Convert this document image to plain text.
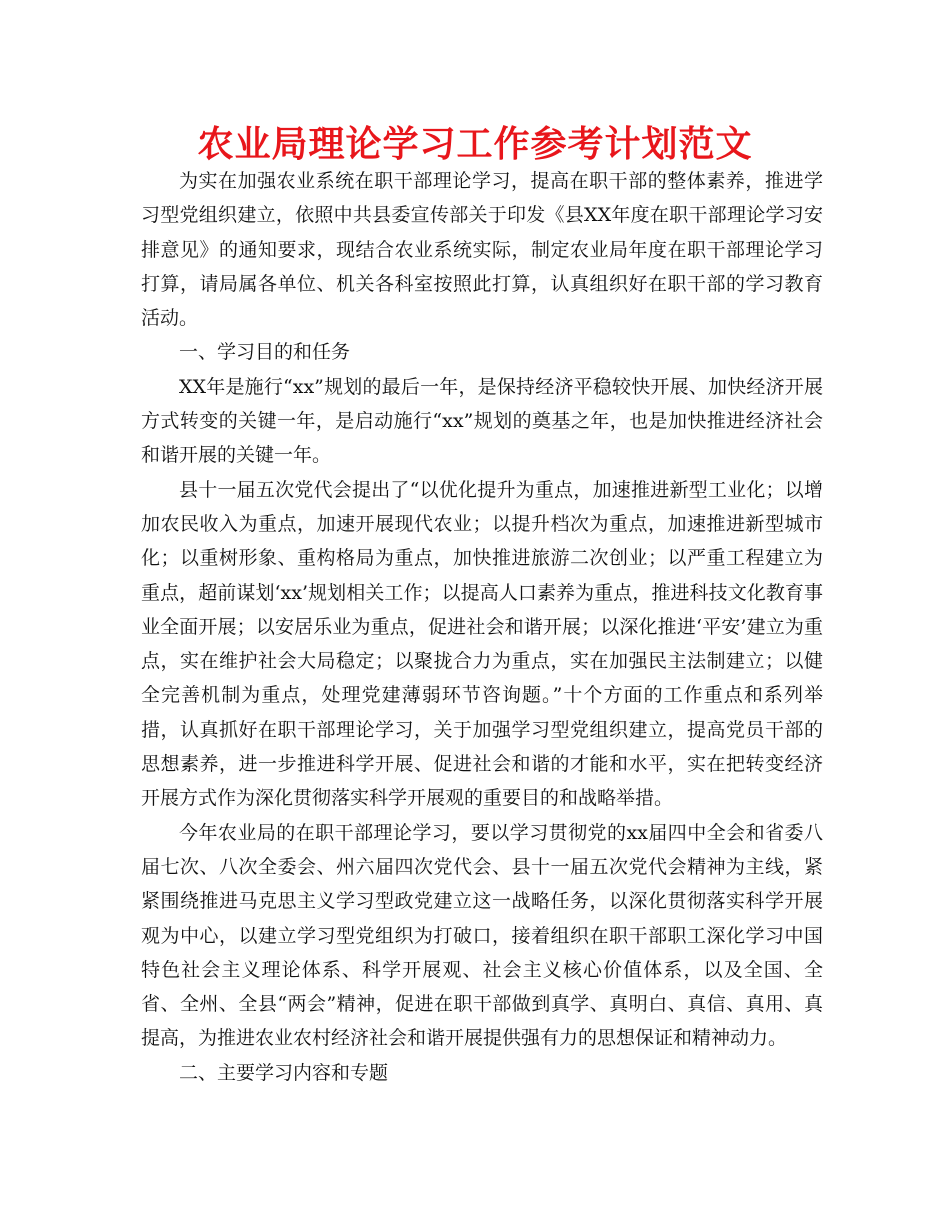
农业局理论学习工作参考计划范文

为实在加强农业系统在职干部理论学习，提高在职干部的整体素养，推进学习型党组织建立，依照中共县委宣传部关于印发《县XX年度在职干部理论学习安排意见》的通知要求，现结合农业系统实际，制定农业局年度在职干部理论学习打算，请局属各单位、机关各科室按照此打算，认真组织好在职干部的学习教育活动。

一、学习目的和任务

XX年是施行“xx”规划的最后一年，是保持经济平稳较快开展、加快经济开展方式转变的关键一年，是启动施行“xx”规划的奠基之年，也是加快推进经济社会和谐开展的关键一年。

县十一届五次党代会提出了“以优化提升为重点，加速推进新型工业化；以增加农民收入为重点，加速开展现代农业；以提升档次为重点，加速推进新型城市化；以重树形象、重构格局为重点，加快推进旅游二次创业；以严重工程建立为重点，超前谋划‘xx’规划相关工作；以提高人口素养为重点，推进科技文化教育事业全面开展；以安居乐业为重点，促进社会和谐开展；以深化推进‘平安’建立为重点，实在维护社会大局稳定；以聚拢合力为重点，实在加强民主法制建立；以健全完善机制为重点，处理党建薄弱环节咨询题。”十个方面的工作重点和系列举措，认真抓好在职干部理论学习，关于加强学习型党组织建立，提高党员干部的思想素养，进一步推进科学开展、促进社会和谐的才能和水平，实在把转变经济开展方式作为深化贯彻落实科学开展观的重要目的和战略举措。

今年农业局的在职干部理论学习，要以学习贯彻党的xx届四中全会和省委八届七次、八次全委会、州六届四次党代会、县十一届五次党代会精神为主线，紧紧围绕推进马克思主义学习型政党建立这一战略任务，以深化贯彻落实科学开展观为中心，以建立学习型党组织为打破口，接着组织在职干部职工深化学习中国特色社会主义理论体系、科学开展观、社会主义核心价值体系，以及全国、全省、全州、全县“两会”精神，促进在职干部做到真学、真明白、真信、真用、真提高，为推进农业农村经济社会和谐开展提供强有力的思想保证和精神动力。

二、主要学习内容和专题
